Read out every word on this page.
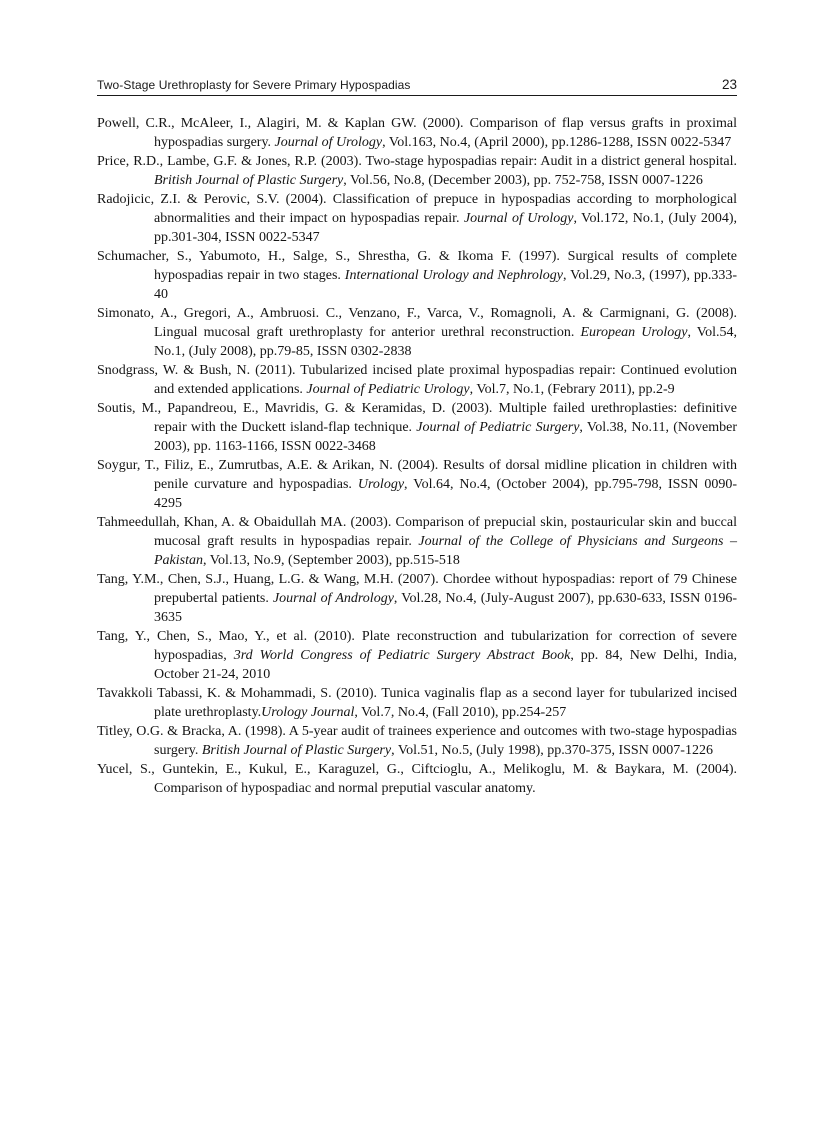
Two-Stage Urethroplasty for Severe Primary Hypospadias	23

Powell, C.R., McAleer, I., Alagiri, M. & Kaplan GW. (2000). Comparison of flap versus grafts in proximal hypospadias surgery. Journal of Urology, Vol.163, No.4, (April 2000), pp.1286-1288, ISSN 0022-5347

Price, R.D., Lambe, G.F. & Jones, R.P. (2003). Two-stage hypospadias repair: Audit in a district general hospital. British Journal of Plastic Surgery, Vol.56, No.8, (December 2003), pp. 752-758, ISSN 0007-1226

Radojicic, Z.I. & Perovic, S.V. (2004). Classification of prepuce in hypospadias according to morphological abnormalities and their impact on hypospadias repair. Journal of Urology, Vol.172, No.1, (July 2004), pp.301-304, ISSN 0022-5347

Schumacher, S., Yabumoto, H., Salge, S., Shrestha, G. & Ikoma F. (1997). Surgical results of complete hypospadias repair in two stages. International Urology and Nephrology, Vol.29, No.3, (1997), pp.333-40

Simonato, A., Gregori, A., Ambruosi. C., Venzano, F., Varca, V., Romagnoli, A. & Carmignani, G. (2008). Lingual mucosal graft urethroplasty for anterior urethral reconstruction. European Urology, Vol.54, No.1, (July 2008), pp.79-85, ISSN 0302-2838

Snodgrass, W. & Bush, N. (2011). Tubularized incised plate proximal hypospadias repair: Continued evolution and extended applications. Journal of Pediatric Urology, Vol.7, No.1, (Febrary 2011), pp.2-9

Soutis, M., Papandreou, E., Mavridis, G. & Keramidas, D. (2003). Multiple failed urethroplasties: definitive repair with the Duckett island-flap technique. Journal of Pediatric Surgery, Vol.38, No.11, (November 2003), pp. 1163-1166, ISSN 0022-3468

Soygur, T., Filiz, E., Zumrutbas, A.E. & Arikan, N. (2004). Results of dorsal midline plication in children with penile curvature and hypospadias. Urology, Vol.64, No.4, (October 2004), pp.795-798, ISSN 0090-4295

Tahmeedullah, Khan, A. & Obaidullah MA. (2003). Comparison of prepucial skin, postauricular skin and buccal mucosal graft results in hypospadias repair. Journal of the College of Physicians and Surgeons – Pakistan, Vol.13, No.9, (September 2003), pp.515-518

Tang, Y.M., Chen, S.J., Huang, L.G. & Wang, M.H. (2007). Chordee without hypospadias: report of 79 Chinese prepubertal patients. Journal of Andrology, Vol.28, No.4, (July-August 2007), pp.630-633, ISSN 0196-3635

Tang, Y., Chen, S., Mao, Y., et al. (2010). Plate reconstruction and tubularization for correction of severe hypospadias, 3rd World Congress of Pediatric Surgery Abstract Book, pp. 84, New Delhi, India, October 21-24, 2010

Tavakkoli Tabassi, K. & Mohammadi, S. (2010). Tunica vaginalis flap as a second layer for tubularized incised plate urethroplasty.Urology Journal, Vol.7, No.4, (Fall 2010), pp.254-257

Titley, O.G. & Bracka, A. (1998). A 5-year audit of trainees experience and outcomes with two-stage hypospadias surgery. British Journal of Plastic Surgery, Vol.51, No.5, (July 1998), pp.370-375, ISSN 0007-1226

Yucel, S., Guntekin, E., Kukul, E., Karaguzel, G., Ciftcioglu, A., Melikoglu, M. & Baykara, M. (2004). Comparison of hypospadiac and normal preputial vascular anatomy.
